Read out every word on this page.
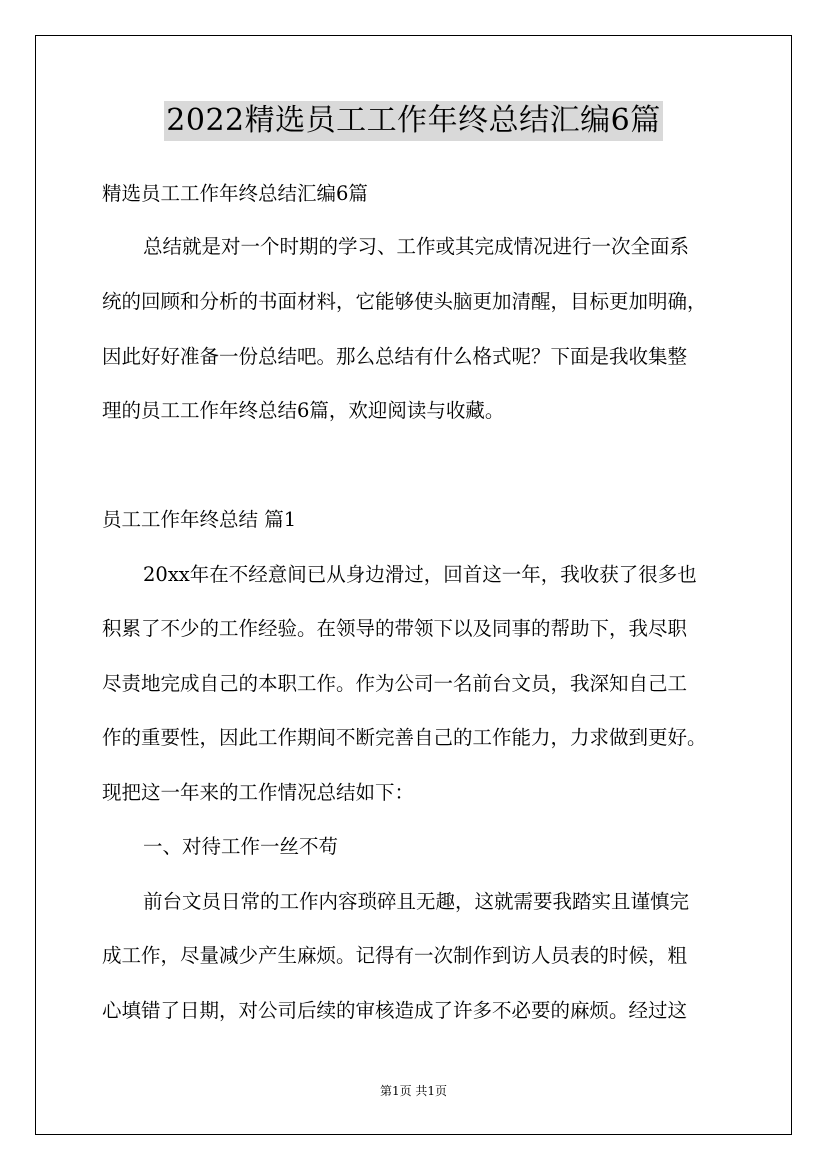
2022精选员工工作年终总结汇编6篇
精选员工工作年终总结汇编6篇
总结就是对一个时期的学习、工作或其完成情况进行一次全面系
统的回顾和分析的书面材料，它能够使头脑更加清醒，目标更加明确，
因此好好准备一份总结吧。那么总结有什么格式呢？下面是我收集整
理的员工工作年终总结6篇，欢迎阅读与收藏。
员工工作年终总结 篇1
20xx年在不经意间已从身边滑过，回首这一年，我收获了很多也
积累了不少的工作经验。在领导的带领下以及同事的帮助下，我尽职
尽责地完成自己的本职工作。作为公司一名前台文员，我深知自己工
作的重要性，因此工作期间不断完善自己的工作能力，力求做到更好。
现把这一年来的工作情况总结如下：
一、对待工作一丝不苟
前台文员日常的工作内容琐碎且无趣，这就需要我踏实且谨慎完
成工作，尽量减少产生麻烦。记得有一次制作到访人员表的时候，粗
心填错了日期，对公司后续的审核造成了许多不必要的麻烦。经过这
第1页 共1页
